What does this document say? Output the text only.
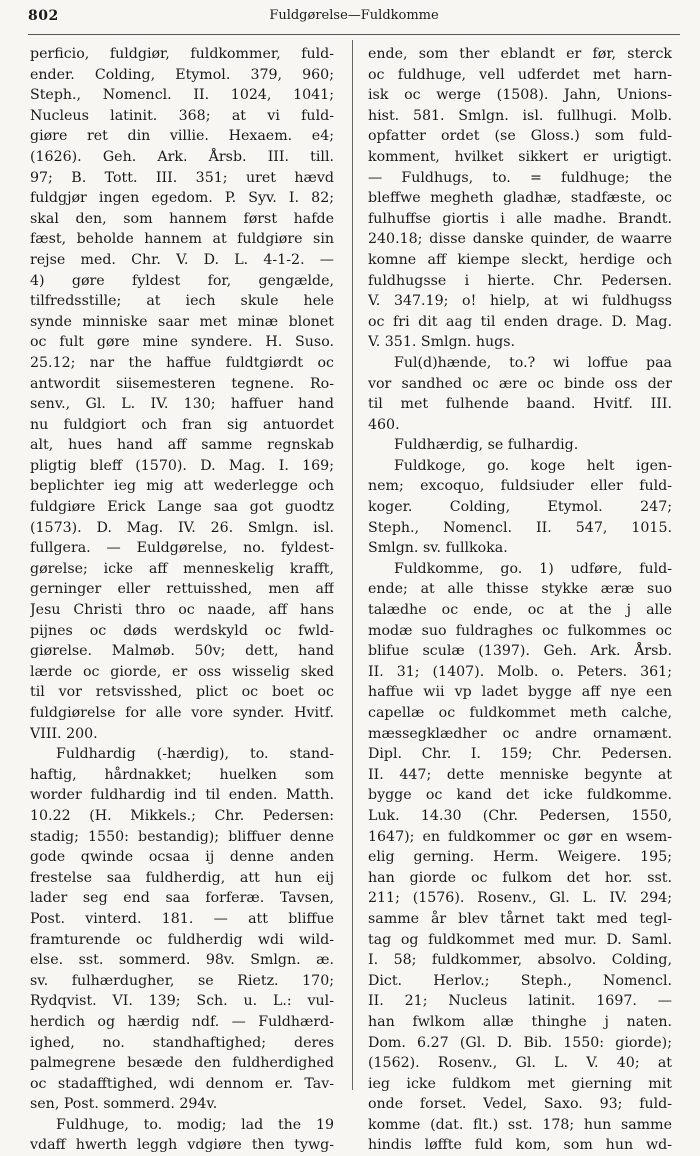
802	Fuldgørelse—Fuldkomme
perficio, fuldgiør, fuldkommer, fuld-
ender. Colding, Etymol. 379, 960;
Steph., Nomencl. II. 1024, 1041;
Nucleus latinit. 368; at vi fuld-
giøre ret din villie. Hexaem. e4;
(1626). Geh. Ark. Årsb. III. till.
97; B. Tott. III. 351; uret hævd
fuldgjør ingen egedom. P. Syv. I. 82;
skal den, som hannem først hafde
fæst, beholde hannem at fuldgiøre sin
rejse med. Chr. V. D. L. 4-1-2. —
4) gøre fyldest for, gengælde,
tilfredsstille; at iech skule hele
synde minniske saar met minæ blonet
oc fult gøre mine syndere. H. Suso.
25.12; nar the haffue fuldtgiørdt oc
antwordit siisemesteren tegnene. Ro-
senv., Gl. L. IV. 130; haffuer hand
nu fuldgiort och fran sig antuordet
alt, hues hand aff samme regnskab
pligtig bleff (1570). D. Mag. I. 169;
beplichter ieg mig att wederlegge och
fuldgiøre Erick Lange saa got guodtz
(1573). D. Mag. IV. 26. Smlgn. isl.
fullgera. — Euldgørelse, no. fyldest-
gørelse; icke aff menneskelig krafft,
gerninger eller rettuisshed, men aff
Jesu Christi thro oc naade, aff hans
pijnes oc døds werdskyld oc fwld-
giørelse. Malmøb. 50v; dett, hand
lærde oc giorde, er oss wisselig sked
til vor retsvisshed, plict oc boet oc
fuldgiørelse for alle vore synder. Hvitf.
VIII. 200.
Fuldhardig (-hærdig), to. stand-
haftig, hårdnakket; huelken som
worder fuldhardig ind til enden. Matth.
10.22 (H. Mikkels.; Chr. Pedersen:
stadig; 1550: bestandig); bliffuer denne
gode qwinde ocsaa ij denne anden
frestelse saa fuldherdig, att hun eij
lader seg end saa forferæ. Tavsen,
Post. vinterd. 181. — att bliffue
framturende oc fuldherdig wdi wild-
else. sst. sommerd. 98v. Smlgn. æ.
sv. fulhærdugher, se Rietz. 170;
Rydqvist. VI. 139; Sch. u. L.: vul-
herdich og hærdig ndf. — Fuldhærd-
ighed, no. standhaftighed; deres
palmegrene besæde den fuldherdighed
oc stadafftighed, wdi dennom er. Tav-
sen, Post. sommerd. 294v.
Fuldhuge, to. modig; lad the 19
vdaff hwerth leggh vdgiøre then tywg-
ende, som ther eblandt er før, sterck
oc fuldhuge, vell udferdet met harn-
isk oc werge (1508). Jahn, Unions-
hist. 581. Smlgn. isl. fullhugi. Molb.
opfatter ordet (se Gloss.) som fuld-
komment, hvilket sikkert er urigtigt.
— Fuldhugs, to. = fuldhuge; the
bleffwe megheth gladhæ, stadfæste, oc
fulhuffse giortis i alle madhe. Brandt.
240.18; disse danske quinder, de waarre
komne aff kiempe sleckt, herdige och
fuldhugsse i hierte. Chr. Pedersen.
V. 347.19; o! hielp, at wi fuldhugss
oc fri dit aag til enden drage. D. Mag.
V. 351. Smlgn. hugs.
Ful(d)hænde, to.? wi loffue paa
vor sandhed oc ære oc binde oss der
til met fulhende baand. Hvitf. III.
460.
Fuldhærdig, se fulhardig.
Fuldkoge, go. koge helt igen-
nem; excoquo, fuldsiuder eller fuld-
koger. Colding, Etymol. 247;
Steph., Nomencl. II. 547, 1015.
Smlgn. sv. fullkoka.
Fuldkomme, go. 1) udføre, fuld-
ende; at alle thisse stykke æræ suo
talædhe oc ende, oc at the j alle
modæ suo fuldraghes oc fulkommes oc
blifue sculæ (1397). Geh. Ark. Årsb.
II. 31; (1407). Molb. o. Peters. 361;
haffue wii vp ladet bygge aff nye een
capellæ oc fuldkommet meth calche,
mæssegklædher oc andre ornamænt.
Dipl. Chr. I. 159; Chr. Pedersen.
II. 447; dette menniske begynte at
bygge oc kand det icke fuldkomme.
Luk. 14.30 (Chr. Pedersen, 1550,
1647); en fuldkommer oc gør en wsem-
elig gerning. Herm. Weigere. 195;
han giorde oc fulkom det hor. sst.
211; (1576). Rosenv., Gl. L. IV. 294;
samme år blev tårnet takt med tegl-
tag og fuldkommet med mur. D. Saml.
I. 58; fuldkommer, absolvo. Colding,
Dict. Herlov.; Steph., Nomencl.
II. 21; Nucleus latinit. 1697. —
han fwlkom allæ thinghe j naten.
Dom. 6.27 (Gl. D. Bib. 1550: giorde);
(1562). Rosenv., Gl. L. V. 40; at
ieg icke fuldkom met gierning mit
onde forset. Vedel, Saxo. 93; fuld-
komme (dat. flt.) sst. 178; hun samme
hindis løffte fuld kom, som hun wd-
